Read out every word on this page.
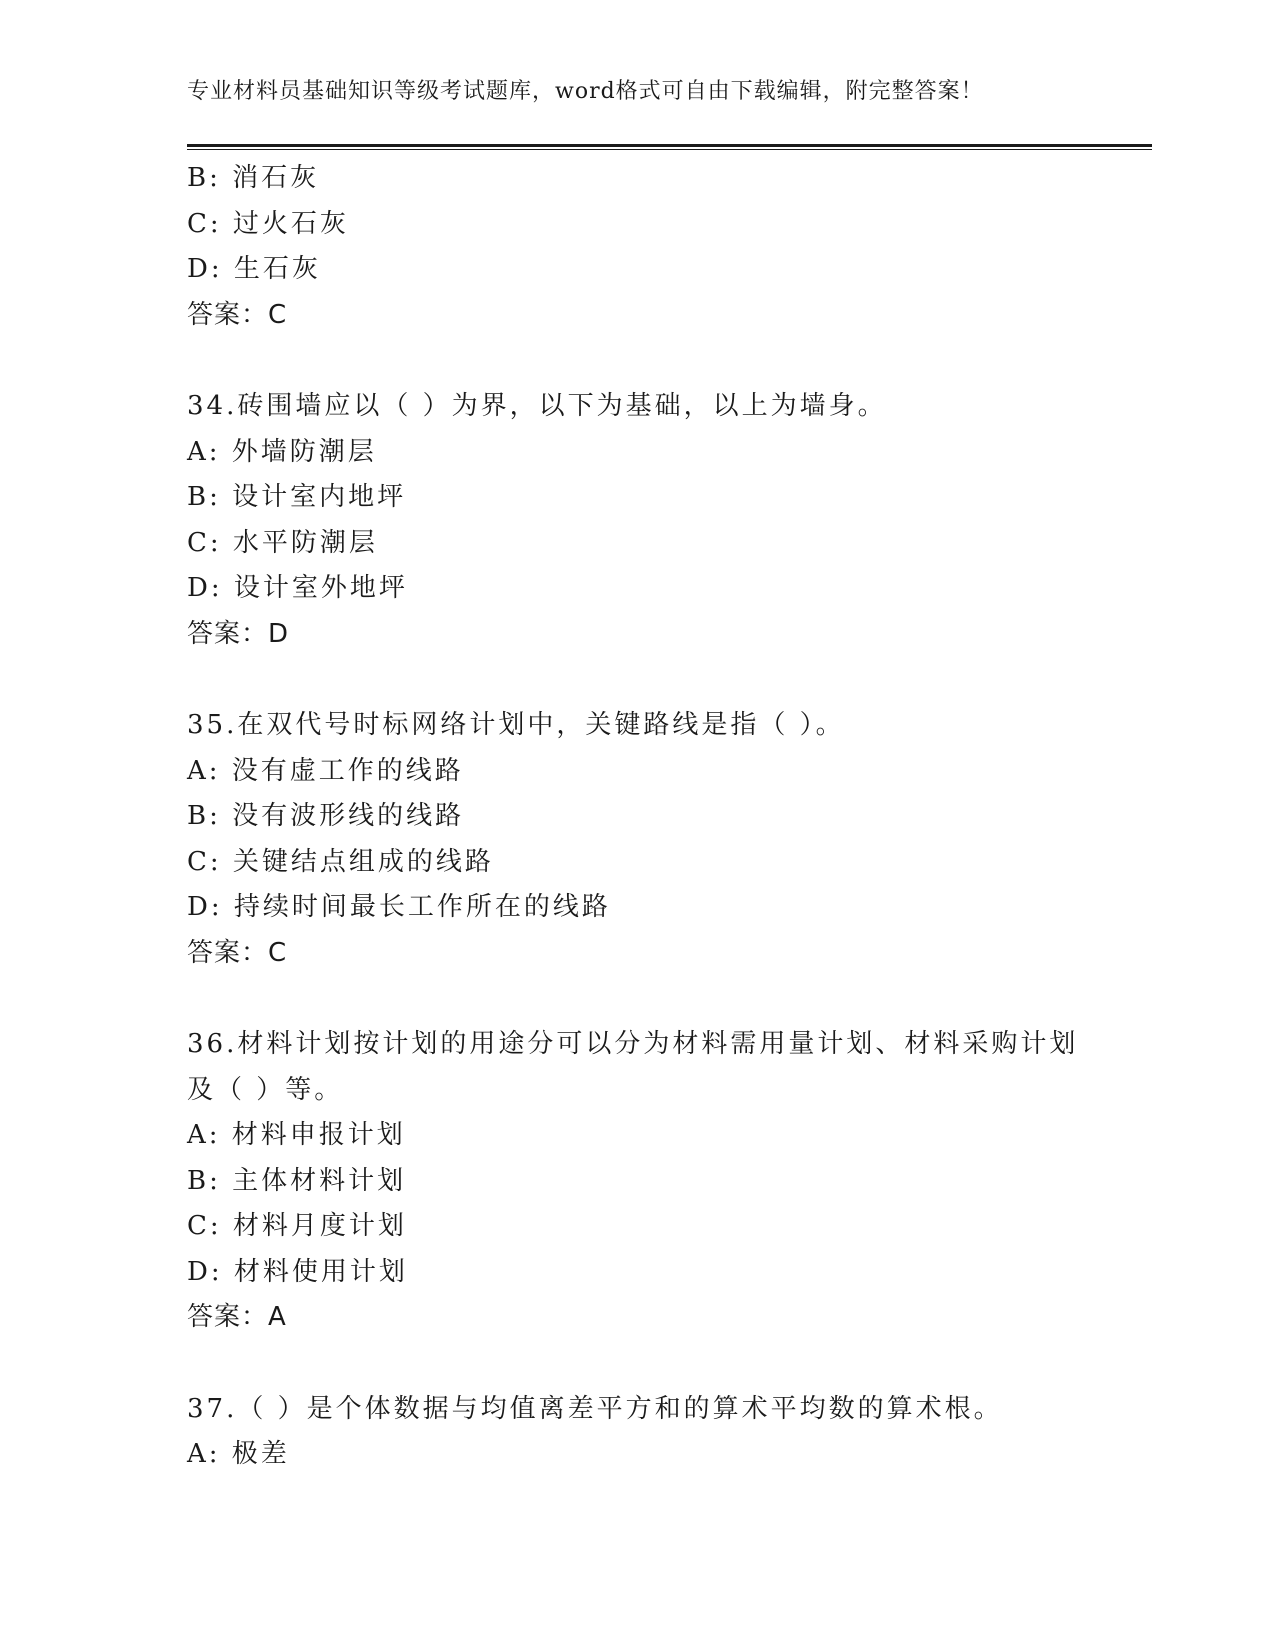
专业材料员基础知识等级考试题库，word格式可自由下载编辑，附完整答案！
B: 消石灰
C: 过火石灰
D: 生石灰
答案：C
34.砖围墙应以（ ）为界，以下为基础，以上为墙身。
A: 外墙防潮层
B: 设计室内地坪
C: 水平防潮层
D: 设计室外地坪
答案：D
35.在双代号时标网络计划中，关键路线是指（ ）。
A: 没有虚工作的线路
B: 没有波形线的线路
C: 关键结点组成的线路
D: 持续时间最长工作所在的线路
答案：C
36.材料计划按计划的用途分可以分为材料需用量计划、材料采购计划
及（ ）等。
A: 材料申报计划
B: 主体材料计划
C: 材料月度计划
D: 材料使用计划
答案：A
37.（ ）是个体数据与均值离差平方和的算术平均数的算术根。
A: 极差
